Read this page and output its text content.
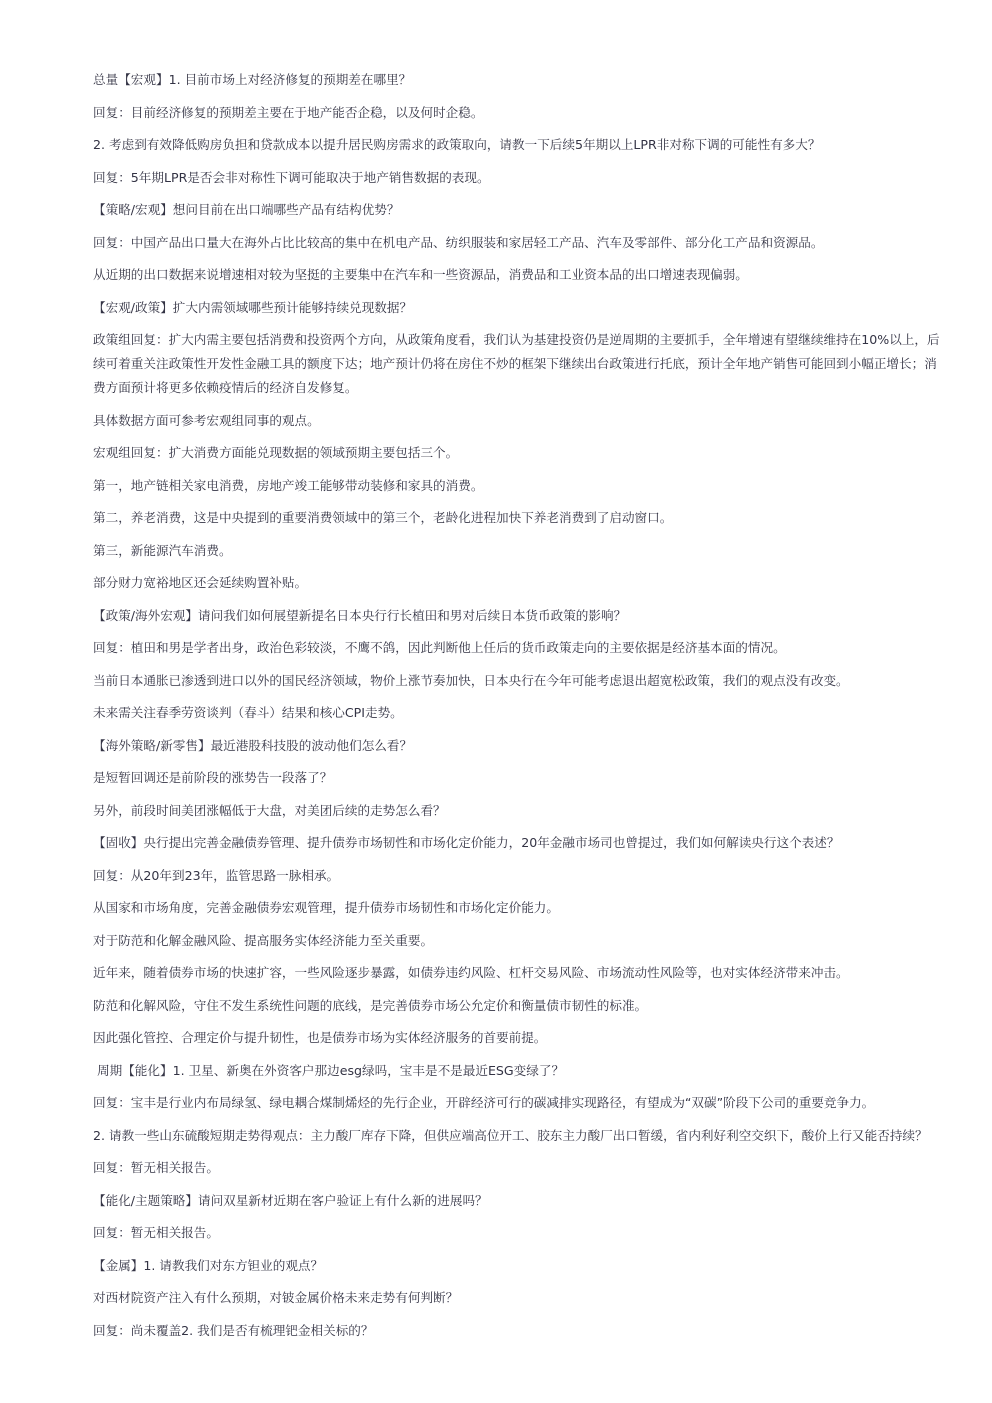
总量【宏观】1. 目前市场上对经济修复的预期差在哪里？

回复：目前经济修复的预期差主要在于地产能否企稳，以及何时企稳。

2. 考虑到有效降低购房负担和贷款成本以提升居民购房需求的政策取向，请教一下后续5年期以上LPR非对称下调的可能性有多大？

回复：5年期LPR是否会非对称性下调可能取决于地产销售数据的表现。

【策略/宏观】想问目前在出口端哪些产品有结构优势？

回复：中国产品出口量大在海外占比比较高的集中在机电产品、纺织服装和家居轻工产品、汽车及零部件、部分化工产品和资源品。

从近期的出口数据来说增速相对较为坚挺的主要集中在汽车和一些资源品，消费品和工业资本品的出口增速表现偏弱。

【宏观/政策】扩大内需领域哪些预计能够持续兑现数据？

政策组回复：扩大内需主要包括消费和投资两个方向，从政策角度看，我们认为基建投资仍是逆周期的主要抓手，全年增速有望继续维持在10%以上，后续可着重关注政策性开发性金融工具的额度下达；地产预计仍将在房住不炒的框架下继续出台政策进行托底，预计全年地产销售可能回到小幅正增长；消费方面预计将更多依赖疫情后的经济自发修复。

具体数据方面可参考宏观组同事的观点。

宏观组回复：扩大消费方面能兑现数据的领域预期主要包括三个。

第一，地产链相关家电消费，房地产竣工能够带动装修和家具的消费。

第二，养老消费，这是中央提到的重要消费领域中的第三个，老龄化进程加快下养老消费到了启动窗口。

第三，新能源汽车消费。

部分财力宽裕地区还会延续购置补贴。

【政策/海外宏观】请问我们如何展望新提名日本央行行长植田和男对后续日本货币政策的影响？

回复：植田和男是学者出身，政治色彩较淡，不鹰不鸽，因此判断他上任后的货币政策走向的主要依据是经济基本面的情况。

当前日本通胀已渗透到进口以外的国民经济领域，物价上涨节奏加快，日本央行在今年可能考虑退出超宽松政策，我们的观点没有改变。

未来需关注春季劳资谈判（春斗）结果和核心CPI走势。

【海外策略/新零售】最近港股科技股的波动他们怎么看？

是短暂回调还是前阶段的涨势告一段落了？

另外，前段时间美团涨幅低于大盘，对美团后续的走势怎么看？

【固收】央行提出完善金融债券管理、提升债券市场韧性和市场化定价能力，20年金融市场司也曾提过，我们如何解读央行这个表述？

回复：从20年到23年，监管思路一脉相承。

从国家和市场角度，完善金融债券宏观管理，提升债券市场韧性和市场化定价能力。

对于防范和化解金融风险、提高服务实体经济能力至关重要。

近年来，随着债券市场的快速扩容，一些风险逐步暴露，如债券违约风险、杠杆交易风险、市场流动性风险等，也对实体经济带来冲击。

防范和化解风险，守住不发生系统性问题的底线，是完善债券市场公允定价和衡量债市韧性的标准。

因此强化管控、合理定价与提升韧性，也是债券市场为实体经济服务的首要前提。

周期【能化】1. 卫星、新奥在外资客户那边esg绿吗，宝丰是不是最近ESG变绿了？

回复：宝丰是行业内布局绿氢、绿电耦合煤制烯烃的先行企业，开辟经济可行的碳减排实现路径，有望成为“双碳”阶段下公司的重要竞争力。

2. 请教一些山东硫酸短期走势得观点：主力酸厂库存下降，但供应端高位开工、胶东主力酸厂出口暂缓，省内利好利空交织下，酸价上行又能否持续？

回复：暂无相关报告。

【能化/主题策略】请问双星新材近期在客户验证上有什么新的进展吗？

回复：暂无相关报告。

【金属】1. 请教我们对东方钽业的观点？

对西材院资产注入有什么预期，对铍金属价格未来走势有何判断？

回复：尚未覆盖2. 我们是否有梳理钯金相关标的？
